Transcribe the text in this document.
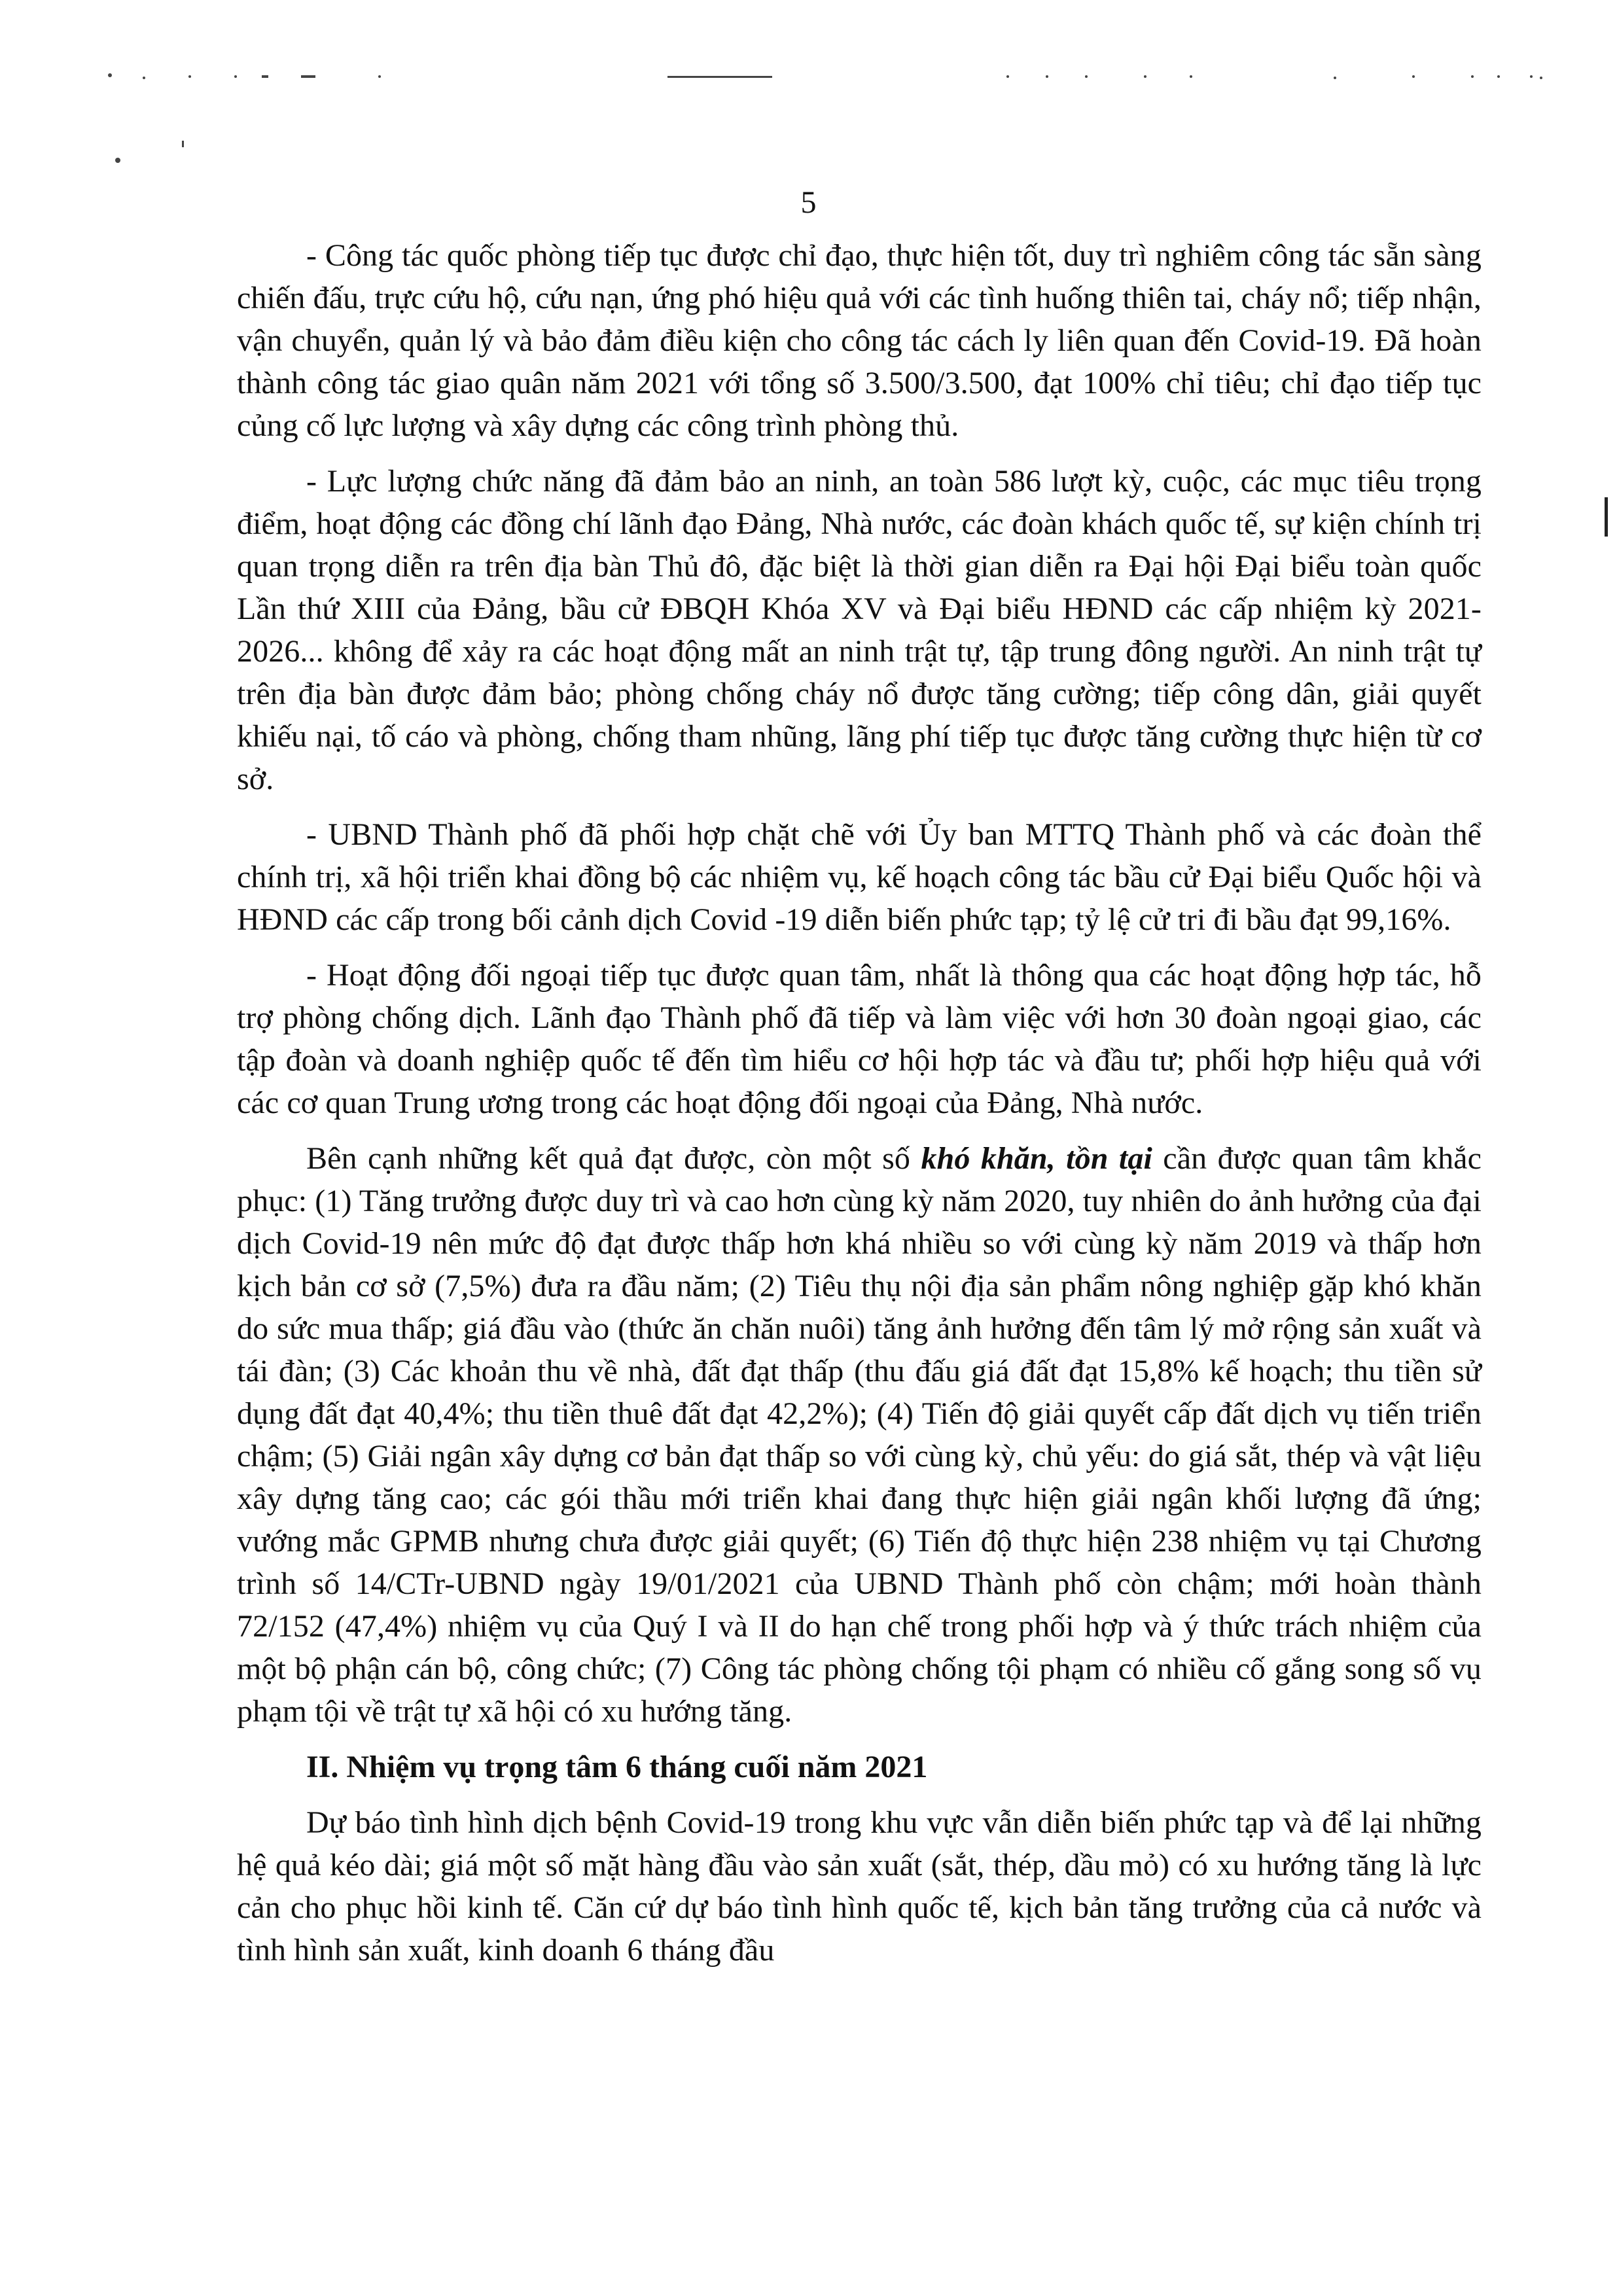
5

- Công tác quốc phòng tiếp tục được chỉ đạo, thực hiện tốt, duy trì nghiêm công tác sẵn sàng chiến đấu, trực cứu hộ, cứu nạn, ứng phó hiệu quả với các tình huống thiên tai, cháy nổ; tiếp nhận, vận chuyển, quản lý và bảo đảm điều kiện cho công tác cách ly liên quan đến Covid-19. Đã hoàn thành công tác giao quân năm 2021 với tổng số 3.500/3.500, đạt 100% chỉ tiêu; chỉ đạo tiếp tục củng cố lực lượng và xây dựng các công trình phòng thủ.

- Lực lượng chức năng đã đảm bảo an ninh, an toàn 586 lượt kỳ, cuộc, các mục tiêu trọng điểm, hoạt động các đồng chí lãnh đạo Đảng, Nhà nước, các đoàn khách quốc tế, sự kiện chính trị quan trọng diễn ra trên địa bàn Thủ đô, đặc biệt là thời gian diễn ra Đại hội Đại biểu toàn quốc Lần thứ XIII của Đảng, bầu cử ĐBQH Khóa XV và Đại biểu HĐND các cấp nhiệm kỳ 2021-2026... không để xảy ra các hoạt động mất an ninh trật tự, tập trung đông người. An ninh trật tự trên địa bàn được đảm bảo; phòng chống cháy nổ được tăng cường; tiếp công dân, giải quyết khiếu nại, tố cáo và phòng, chống tham nhũng, lãng phí tiếp tục được tăng cường thực hiện từ cơ sở.

- UBND Thành phố đã phối hợp chặt chẽ với Ủy ban MTTQ Thành phố và các đoàn thể chính trị, xã hội triển khai đồng bộ các nhiệm vụ, kế hoạch công tác bầu cử Đại biểu Quốc hội và HĐND các cấp trong bối cảnh dịch Covid -19 diễn biến phức tạp; tỷ lệ cử tri đi bầu đạt 99,16%.

- Hoạt động đối ngoại tiếp tục được quan tâm, nhất là thông qua các hoạt động hợp tác, hỗ trợ phòng chống dịch. Lãnh đạo Thành phố đã tiếp và làm việc với hơn 30 đoàn ngoại giao, các tập đoàn và doanh nghiệp quốc tế đến tìm hiểu cơ hội hợp tác và đầu tư; phối hợp hiệu quả với các cơ quan Trung ương trong các hoạt động đối ngoại của Đảng, Nhà nước.

Bên cạnh những kết quả đạt được, còn một số khó khăn, tồn tại cần được quan tâm khắc phục: (1) Tăng trưởng được duy trì và cao hơn cùng kỳ năm 2020, tuy nhiên do ảnh hưởng của đại dịch Covid-19 nên mức độ đạt được thấp hơn khá nhiều so với cùng kỳ năm 2019 và thấp hơn kịch bản cơ sở (7,5%) đưa ra đầu năm; (2) Tiêu thụ nội địa sản phẩm nông nghiệp gặp khó khăn do sức mua thấp; giá đầu vào (thức ăn chăn nuôi) tăng ảnh hưởng đến tâm lý mở rộng sản xuất và tái đàn; (3) Các khoản thu về nhà, đất đạt thấp (thu đấu giá đất đạt 15,8% kế hoạch; thu tiền sử dụng đất đạt 40,4%; thu tiền thuê đất đạt 42,2%); (4) Tiến độ giải quyết cấp đất dịch vụ tiến triển chậm; (5) Giải ngân xây dựng cơ bản đạt thấp so với cùng kỳ, chủ yếu: do giá sắt, thép và vật liệu xây dựng tăng cao; các gói thầu mới triển khai đang thực hiện giải ngân khối lượng đã ứng; vướng mắc GPMB nhưng chưa được giải quyết; (6) Tiến độ thực hiện 238 nhiệm vụ tại Chương trình số 14/CTr-UBND ngày 19/01/2021 của UBND Thành phố còn chậm; mới hoàn thành 72/152 (47,4%) nhiệm vụ của Quý I và II do hạn chế trong phối hợp và ý thức trách nhiệm của một bộ phận cán bộ, công chức; (7) Công tác phòng chống tội phạm có nhiều cố gắng song số vụ phạm tội về trật tự xã hội có xu hướng tăng.

II. Nhiệm vụ trọng tâm 6 tháng cuối năm 2021

Dự báo tình hình dịch bệnh Covid-19 trong khu vực vẫn diễn biến phức tạp và để lại những hệ quả kéo dài; giá một số mặt hàng đầu vào sản xuất (sắt, thép, dầu mỏ) có xu hướng tăng là lực cản cho phục hồi kinh tế. Căn cứ dự báo tình hình quốc tế, kịch bản tăng trưởng của cả nước và tình hình sản xuất, kinh doanh 6 tháng đầu
